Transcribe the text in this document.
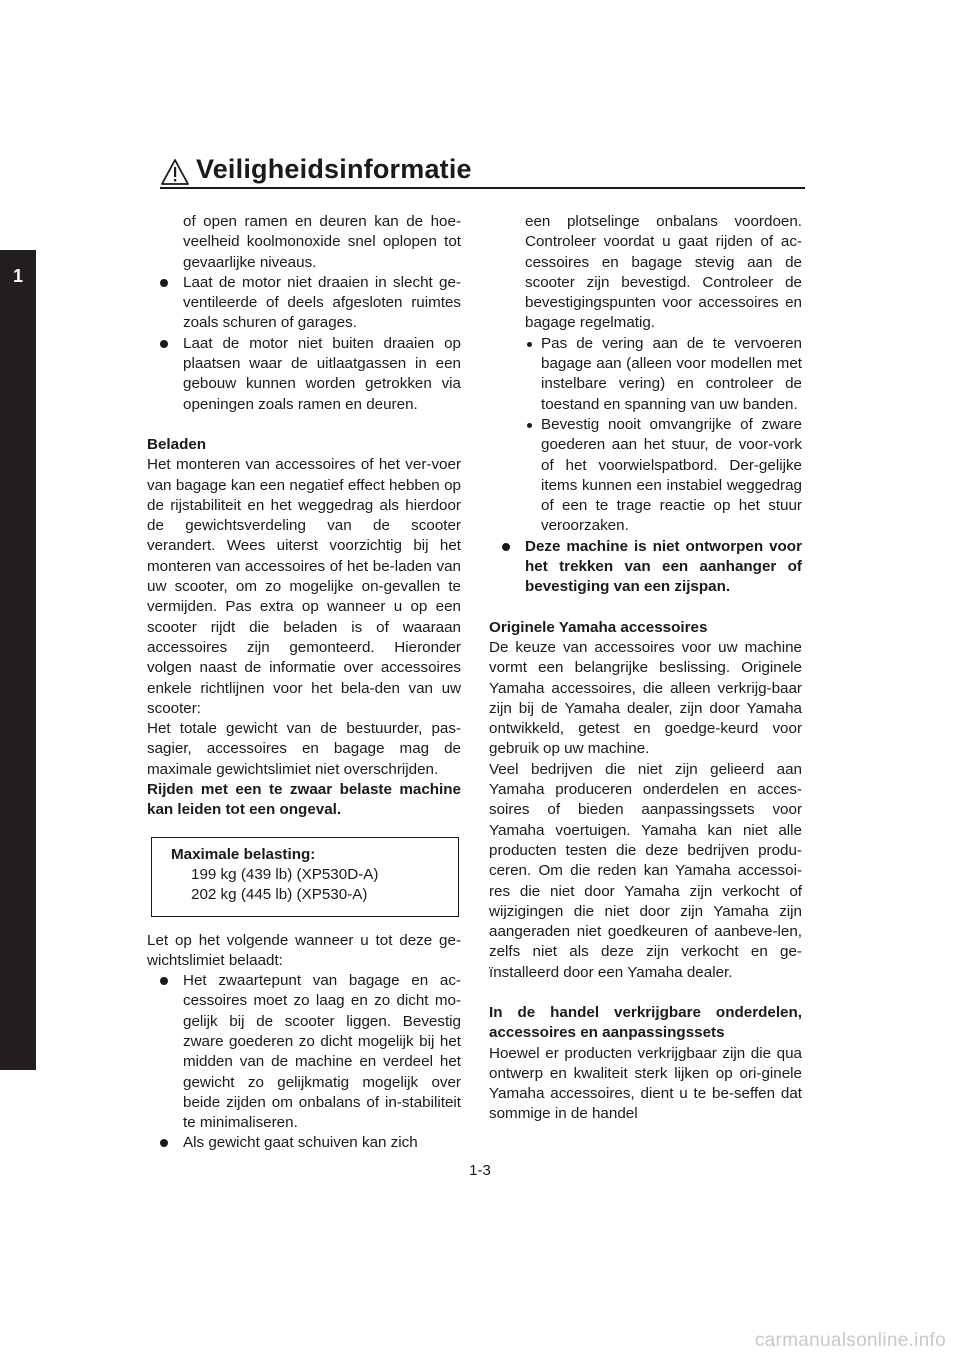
Veiligheidsinformatie
1

of open ramen en deuren kan de hoe-veelheid koolmonoxide snel oplopen tot gevaarlijke niveaus.

Laat de motor niet draaien in slecht ge-ventileerde of deels afgesloten ruimtes zoals schuren of garages.

Laat de motor niet buiten draaien op plaatsen waar de uitlaatgassen in een gebouw kunnen worden getrokken via openingen zoals ramen en deuren.

Beladen

Het monteren van accessoires of het ver-voer van bagage kan een negatief effect hebben op de rijstabiliteit en het weggedrag als hierdoor de gewichtsverdeling van de scooter verandert. Wees uiterst voorzichtig bij het monteren van accessoires of het be-laden van uw scooter, om zo mogelijke on-gevallen te vermijden. Pas extra op wanneer u op een scooter rijdt die beladen is of waaraan accessoires zijn gemonteerd. Hieronder volgen naast de informatie over accessoires enkele richtlijnen voor het bela-den van uw scooter:

Het totale gewicht van de bestuurder, pas-sagier, accessoires en bagage mag de maximale gewichtslimiet niet overschrijden.

Rijden met een te zwaar belaste machine kan leiden tot een ongeval.

Maximale belasting:
199 kg (439 lb) (XP530D-A)
202 kg (445 lb) (XP530-A)

Let op het volgende wanneer u tot deze ge-wichtslimiet belaadt:

Het zwaartepunt van bagage en ac-cessoires moet zo laag en zo dicht mo-gelijk bij de scooter liggen. Bevestig zware goederen zo dicht mogelijk bij het midden van de machine en verdeel het gewicht zo gelijkmatig mogelijk over beide zijden om onbalans of in-stabiliteit te minimaliseren.

Als gewicht gaat schuiven kan zich

een plotselinge onbalans voordoen. Controleer voordat u gaat rijden of ac-cessoires en bagage stevig aan de scooter zijn bevestigd. Controleer de bevestigingspunten voor accessoires en bagage regelmatig.

Pas de vering aan de te vervoeren bagage aan (alleen voor modellen met instelbare vering) en controleer de toestand en spanning van uw banden.

Bevestig nooit omvangrijke of zware goederen aan het stuur, de voor-vork of het voorwielspatbord. Der-gelijke items kunnen een instabiel weggedrag of een te trage reactie op het stuur veroorzaken.

Deze machine is niet ontworpen voor het trekken van een aanhanger of bevestiging van een zijspan.

Originele Yamaha accessoires

De keuze van accessoires voor uw machine vormt een belangrijke beslissing. Originele Yamaha accessoires, die alleen verkrijg-baar zijn bij de Yamaha dealer, zijn door Yamaha ontwikkeld, getest en goedge-keurd voor gebruik op uw machine.

Veel bedrijven die niet zijn gelieerd aan Yamaha produceren onderdelen en acces-soires of bieden aanpassingssets voor Yamaha voertuigen. Yamaha kan niet alle producten testen die deze bedrijven produ-ceren. Om die reden kan Yamaha accessoi-res die niet door Yamaha zijn verkocht of wijzigingen die niet door zijn Yamaha zijn aangeraden niet goedkeuren of aanbeve-len, zelfs niet als deze zijn verkocht en ge-ïnstalleerd door een Yamaha dealer.

In de handel verkrijgbare onderdelen, accessoires en aanpassingssets

Hoewel er producten verkrijgbaar zijn die qua ontwerp en kwaliteit sterk lijken op ori-ginele Yamaha accessoires, dient u te be-seffen dat sommige in de handel

1-3
carmanualsonline.info
